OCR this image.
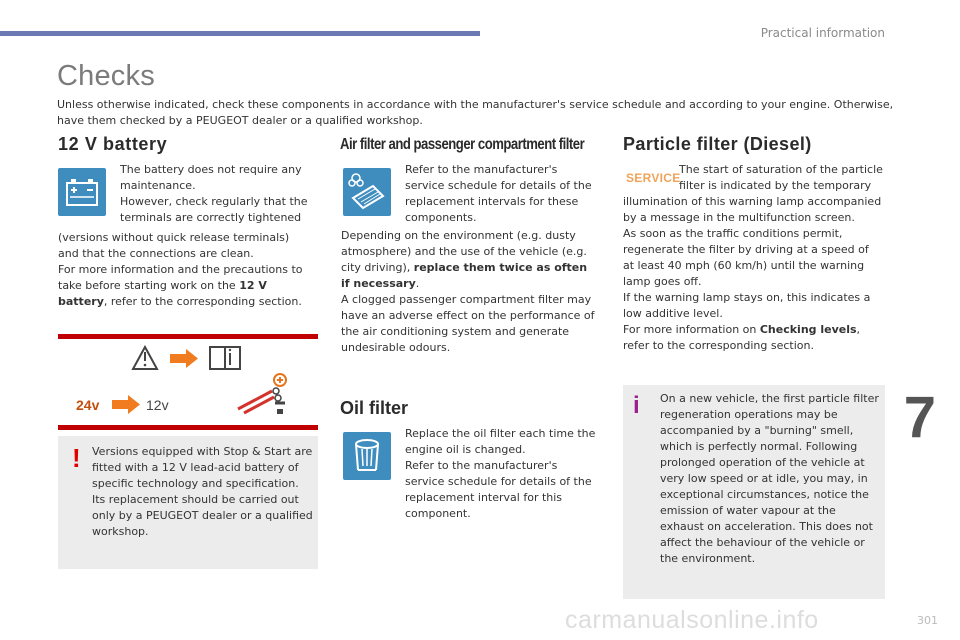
Practical information
Checks
Unless otherwise indicated, check these components in accordance with the manufacturer's service schedule and according to your engine. Otherwise, have them checked by a PEUGEOT dealer or a qualified workshop.
12 V battery
The battery does not require any maintenance.
However, check regularly that the terminals are correctly tightened
(versions without quick release terminals) and that the connections are clean.
For more information and the precautions to take before starting work on the 12 V battery, refer to the corresponding section.
24v	12v
! Versions equipped with Stop & Start are fitted with a 12 V lead-acid battery of specific technology and specification. Its replacement should be carried out only by a PEUGEOT dealer or a qualified workshop.
Air filter and passenger compartment filter
Refer to the manufacturer's service schedule for details of the replacement intervals for these components.
Depending on the environment (e.g. dusty atmosphere) and the use of the vehicle (e.g. city driving), replace them twice as often if necessary.
A clogged passenger compartment filter may have an adverse effect on the performance of the air conditioning system and generate undesirable odours.
Oil filter
Replace the oil filter each time the engine oil is changed.
Refer to the manufacturer's service schedule for details of the replacement interval for this component.
Particle filter (Diesel)
SERVICE
The start of saturation of the particle filter is indicated by the temporary
illumination of this warning lamp accompanied by a message in the multifunction screen.
As soon as the traffic conditions permit, regenerate the filter by driving at a speed of at least 40 mph (60 km/h) until the warning lamp goes off.
If the warning lamp stays on, this indicates a low additive level.
For more information on Checking levels, refer to the corresponding section.
i On a new vehicle, the first particle filter regeneration operations may be accompanied by a "burning" smell, which is perfectly normal. Following prolonged operation of the vehicle at very low speed or at idle, you may, in exceptional circumstances, notice the emission of water vapour at the exhaust on acceleration. This does not affect the behaviour of the vehicle or the environment.
7
carmanualsonline.info	301
